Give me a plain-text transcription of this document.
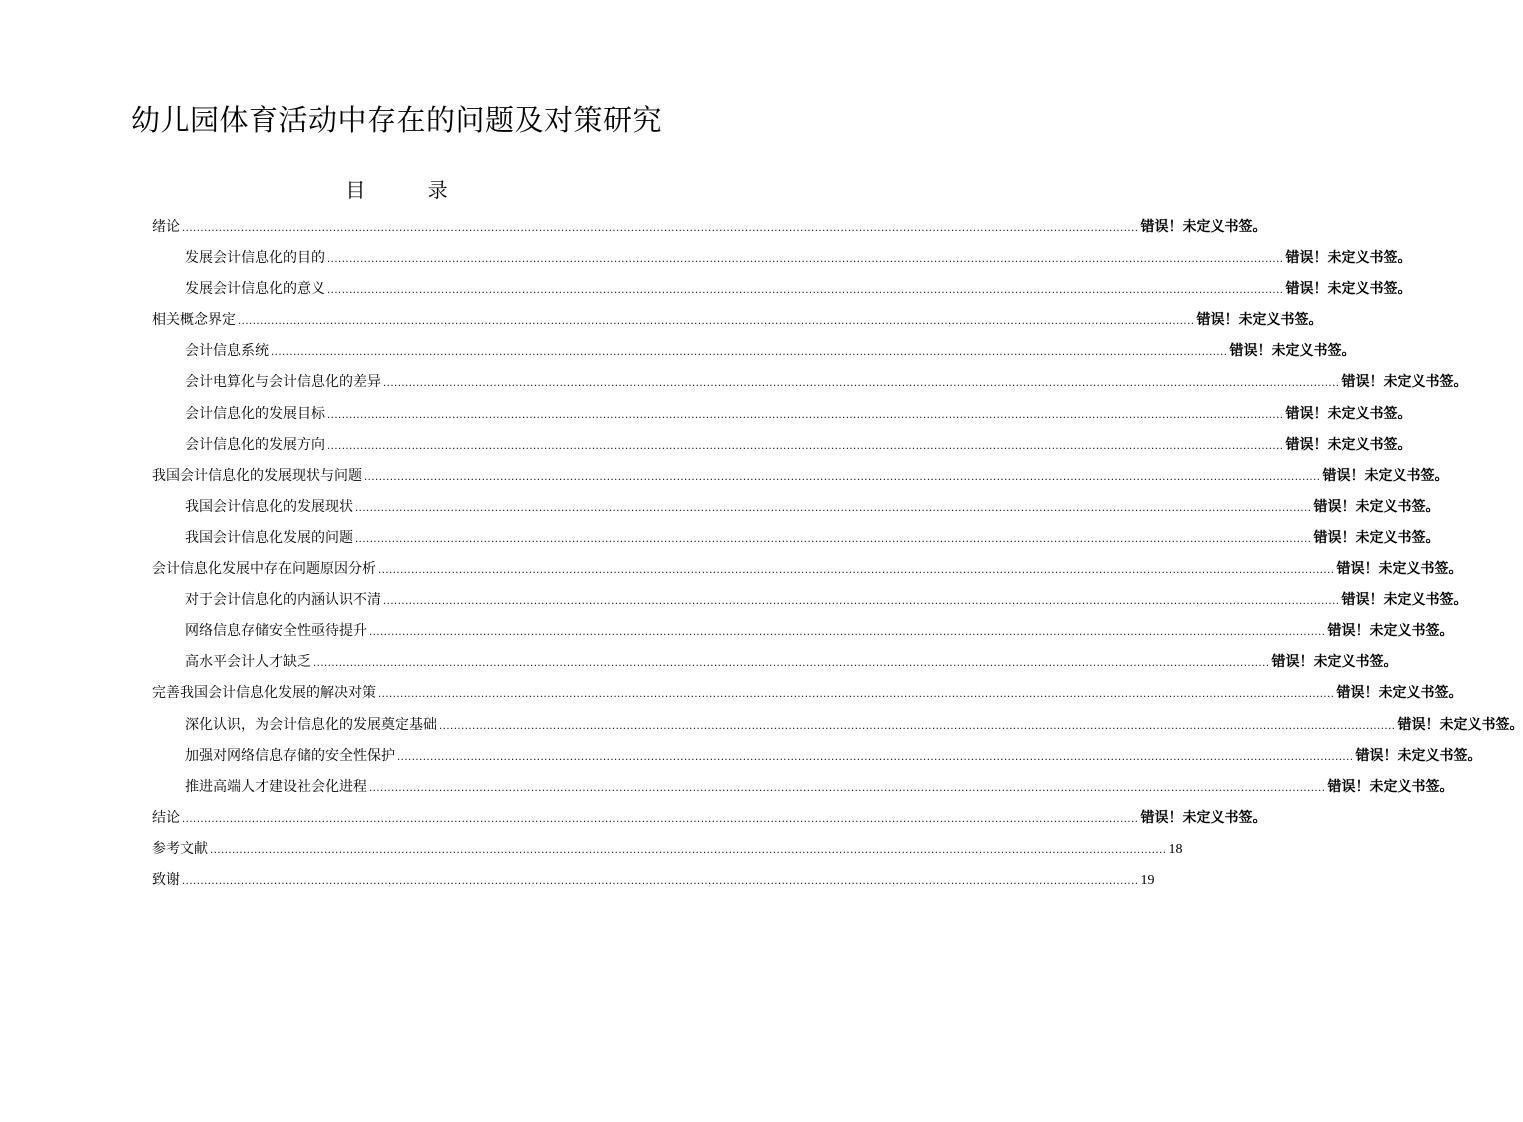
幼儿园体育活动中存在的问题及对策研究
目 录
绪论 .................................................................................................................................................................................................................................................................... 错误！未定义书签。
发展会计信息化的目的 .................................................................................................................................................................................................................................................................... 错误！未定义书签。
发展会计信息化的意义 .................................................................................................................................................................................................................................................................... 错误！未定义书签。
相关概念界定 .................................................................................................................................................................................................................................................................... 错误！未定义书签。
会计信息系统 .................................................................................................................................................................................................................................................................... 错误！未定义书签。
会计电算化与会计信息化的差异 .................................................................................................................................................................................................................................................................... 错误！未定义书签。
会计信息化的发展目标 .................................................................................................................................................................................................................................................................... 错误！未定义书签。
会计信息化的发展方向 .................................................................................................................................................................................................................................................................... 错误！未定义书签。
我国会计信息化的发展现状与问题 .................................................................................................................................................................................................................................................................... 错误！未定义书签。
我国会计信息化的发展现状 .................................................................................................................................................................................................................................................................... 错误！未定义书签。
我国会计信息化发展的问题 .................................................................................................................................................................................................................................................................... 错误！未定义书签。
会计信息化发展中存在问题原因分析 .................................................................................................................................................................................................................................................................... 错误！未定义书签。
对于会计信息化的内涵认识不清 .................................................................................................................................................................................................................................................................... 错误！未定义书签。
网络信息存储安全性亟待提升 .................................................................................................................................................................................................................................................................... 错误！未定义书签。
高水平会计人才缺乏 .................................................................................................................................................................................................................................................................... 错误！未定义书签。
完善我国会计信息化发展的解决对策 .................................................................................................................................................................................................................................................................... 错误！未定义书签。
深化认识，为会计信息化的发展奠定基础 .................................................................................................................................................................................................................................................................... 错误！未定义书签。
加强对网络信息存储的安全性保护 .................................................................................................................................................................................................................................................................... 错误！未定义书签。
推进高端人才建设社会化进程 .................................................................................................................................................................................................................................................................... 错误！未定义书签。
结论 .................................................................................................................................................................................................................................................................... 错误！未定义书签。
参考文献 .................................................................................................................................................................................................................................................................... 18
致谢 .................................................................................................................................................................................................................................................................... 19
